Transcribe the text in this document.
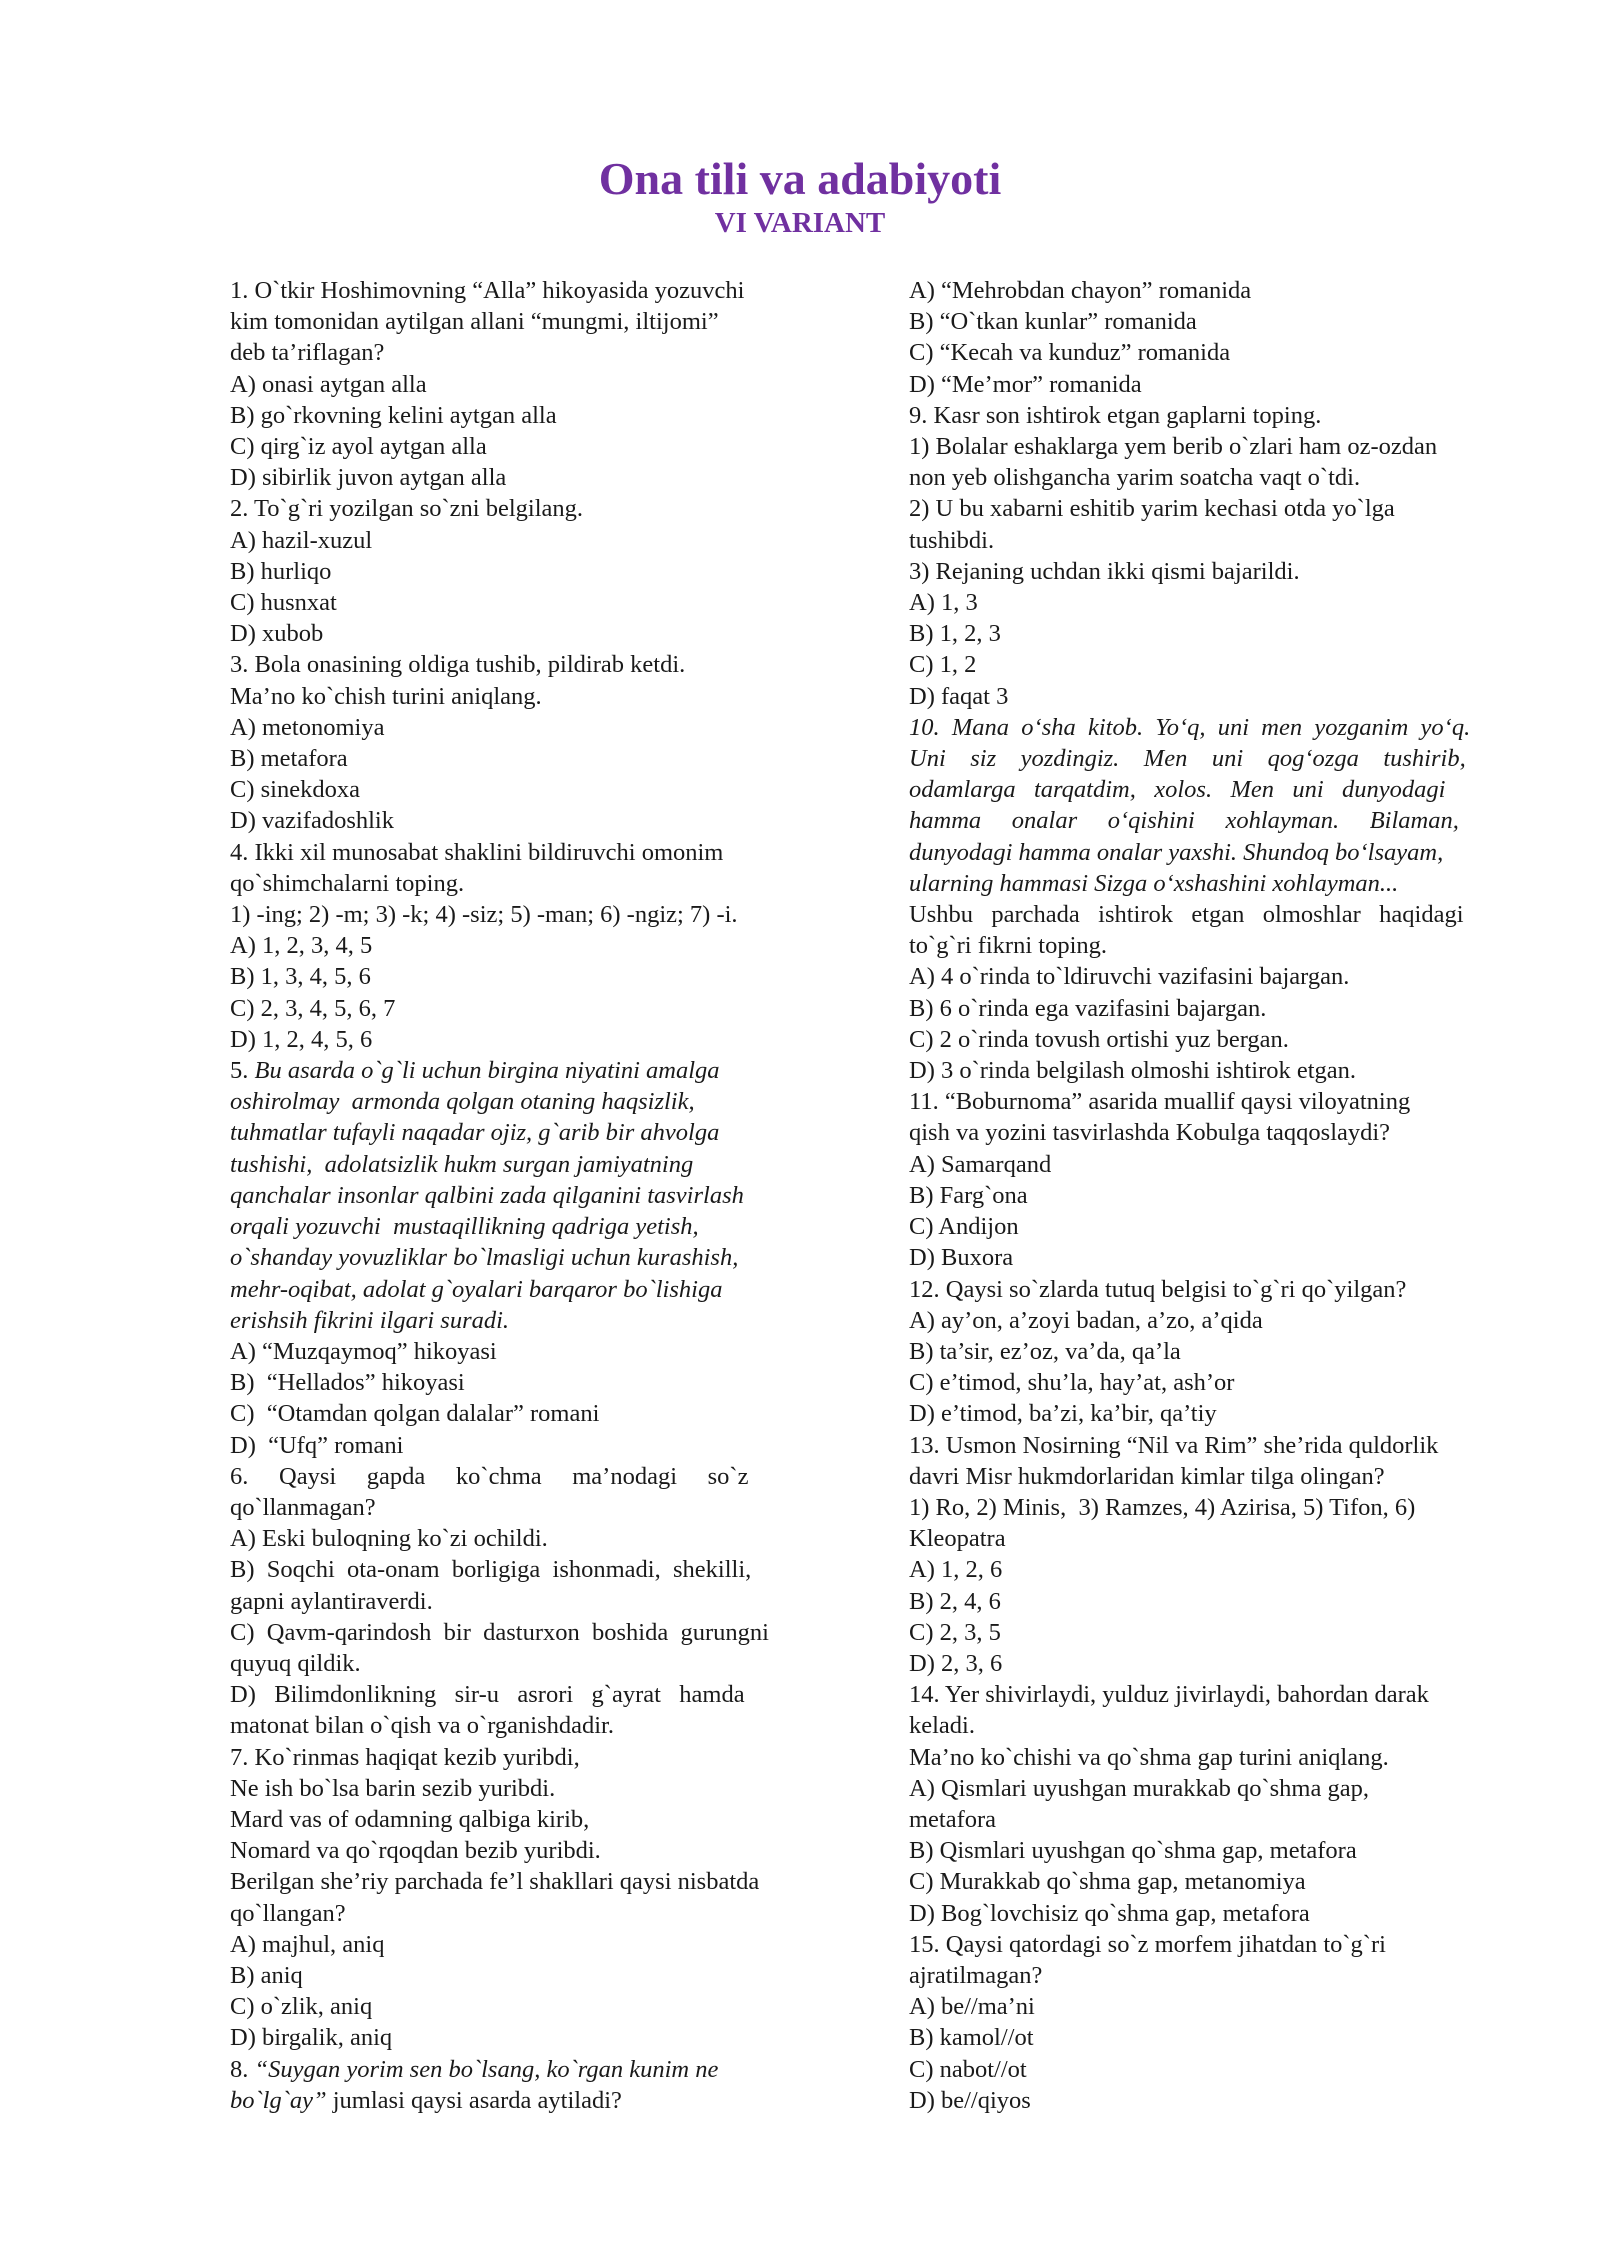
Ona tili va adabiyoti
VI VARIANT
1. O`tkir Hoshimovning “Alla” hikoyasida yozuvchi
kim tomonidan aytilgan allani “mungmi, iltijomi”
deb ta’riflagan?
A) onasi aytgan alla
B) go`rkovning kelini aytgan alla
C) qirg`iz ayol aytgan alla
D) sibirlik juvon aytgan alla
2. To`g`ri yozilgan so`zni belgilang.
A) hazil-xuzul
B) hurliqo
C) husnxat
D) xubob
3. Bola onasining oldiga tushib, pildirab ketdi.
Ma’no ko`chish turini aniqlang.
A) metonomiya
B) metafora
C) sinekdoxa
D) vazifadoshlik
4. Ikki xil munosabat shaklini bildiruvchi omonim
qo`shimchalarni toping.
1) -ing; 2) -m; 3) -k; 4) -siz; 5) -man; 6) -ngiz; 7) -i.
A) 1, 2, 3, 4, 5
B) 1, 3, 4, 5, 6
C) 2, 3, 4, 5, 6, 7
D) 1, 2, 4, 5, 6
5. Bu asarda o`g`li uchun birgina niyatini amalga
oshirolmay  armonda qolgan otaning haqsizlik,
tuhmatlar tufayli naqadar ojiz, g`arib bir ahvolga
tushishi,  adolatsizlik hukm surgan jamiyatning
qanchalar insonlar qalbini zada qilganini tasvirlash
orqali yozuvchi  mustaqillikning qadriga yetish,
o`shanday yovuzliklar bo`lmasligi uchun kurashish,
mehr-oqibat, adolat g`oyalari barqaror bo`lishiga
erishsih fikrini ilgari suradi.
A) “Muzqaymoq” hikoyasi
B)  “Hellados” hikoyasi
C)  “Otamdan qolgan dalalar” romani
D)  “Ufq” romani
6.     Qaysi     gapda     ko`chma     ma’nodagi     so`z
qo`llanmagan?
A) Eski buloqning ko`zi ochildi.
B)  Soqchi  ota-onam  borligiga  ishonmadi,  shekilli,
gapni aylantiraverdi.
C)  Qavm-qarindosh  bir  dasturxon  boshida  gurungni
quyuq qildik.
D)   Bilimdonlikning   sir-u   asrori   g`ayrat   hamda
matonat bilan o`qish va o`rganishdadir.
7. Ko`rinmas haqiqat kezib yuribdi,
Ne ish bo`lsa barin sezib yuribdi.
Mard vas of odamning qalbiga kirib,
Nomard va qo`rqoqdan bezib yuribdi.
Berilgan she’riy parchada fe’l shakllari qaysi nisbatda
qo`llangan?
A) majhul, aniq
B) aniq
C) o`zlik, aniq
D) birgalik, aniq
8. “Suygan yorim sen bo`lsang, ko`rgan kunim ne
bo`lg`ay” jumlasi qaysi asarda aytiladi?
A) “Mehrobdan chayon” romanida
B) “O`tkan kunlar” romanida
C) “Kecah va kunduz” romanida
D) “Me’mor” romanida
9. Kasr son ishtirok etgan gaplarni toping.
1) Bolalar eshaklarga yem berib o`zlari ham oz-ozdan
non yeb olishgancha yarim soatcha vaqt o`tdi.
2) U bu xabarni eshitib yarim kechasi otda yo`lga
tushibdi.
3) Rejaning uchdan ikki qismi bajarildi.
A) 1, 3
B) 1, 2, 3
C) 1, 2
D) faqat 3
10.  Mana  o‘sha  kitob.  Yo‘q,  uni  men  yozganim  yo‘q.
Uni    siz    yozdingiz.    Men    uni    qog‘ozga    tushirib,
odamlarga   tarqatdim,   xolos.   Men   uni   dunyodagi
hamma     onalar     o‘qishini     xohlayman.     Bilaman,
dunyodagi hamma onalar yaxshi. Shundoq bo‘lsayam,
ularning hammasi Sizga o‘xshashini xohlayman...
Ushbu   parchada   ishtirok   etgan   olmoshlar   haqidagi
to`g`ri fikrni toping.
A) 4 o`rinda to`ldiruvchi vazifasini bajargan.
B) 6 o`rinda ega vazifasini bajargan.
C) 2 o`rinda tovush ortishi yuz bergan.
D) 3 o`rinda belgilash olmoshi ishtirok etgan.
11. “Boburnoma” asarida muallif qaysi viloyatning
qish va yozini tasvirlashda Kobulga taqqoslaydi?
A) Samarqand
B) Farg`ona
C) Andijon
D) Buxora
12. Qaysi so`zlarda tutuq belgisi to`g`ri qo`yilgan?
A) ay’on, a’zoyi badan, a’zo, a’qida
B) ta’sir, ez’oz, va’da, qa’la
C) e’timod, shu’la, hay’at, ash’or
D) e’timod, ba’zi, ka’bir, qa’tiy
13. Usmon Nosirning “Nil va Rim” she’rida quldorlik
davri Misr hukmdorlaridan kimlar tilga olingan?
1) Ro, 2) Minis,  3) Ramzes, 4) Azirisa, 5) Tifon, 6)
Kleopatra
A) 1, 2, 6
B) 2, 4, 6
C) 2, 3, 5
D) 2, 3, 6
14. Yer shivirlaydi, yulduz jivirlaydi, bahordan darak
keladi.
Ma’no ko`chishi va qo`shma gap turini aniqlang.
A) Qismlari uyushgan murakkab qo`shma gap,
metafora
B) Qismlari uyushgan qo`shma gap, metafora
C) Murakkab qo`shma gap, metanomiya
D) Bog`lovchisiz qo`shma gap, metafora
15. Qaysi qatordagi so`z morfem jihatdan to`g`ri
ajratilmagan?
A) be//ma’ni
B) kamol//ot
C) nabot//ot
D) be//qiyos
